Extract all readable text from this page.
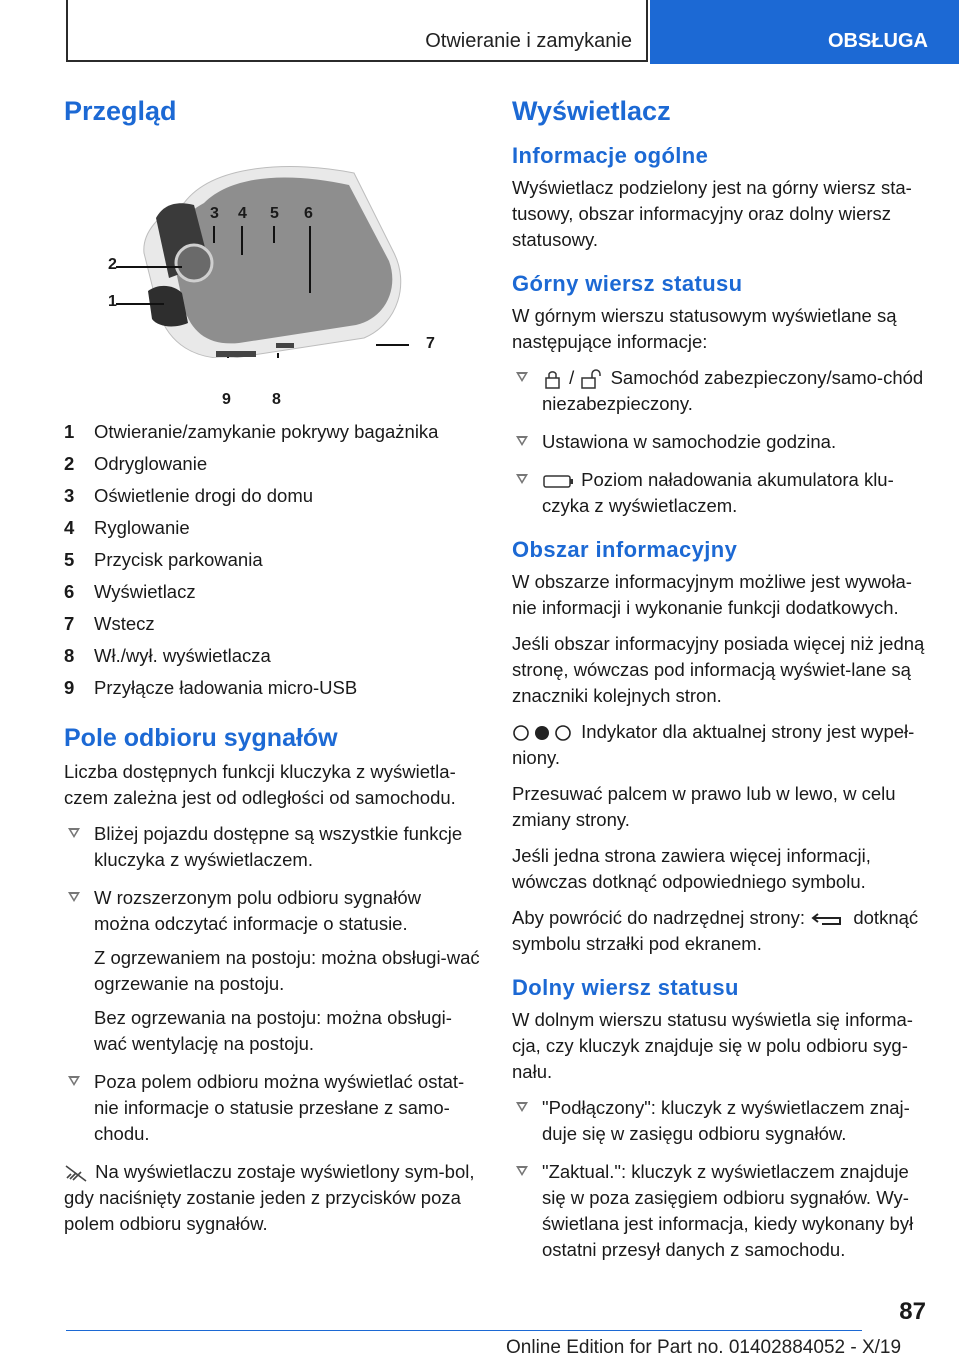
Otwieranie i zamykanie	OBSŁUGA
Przegląd
1
2
3 4 5 6
7
8
9
1	Otwieranie/zamykanie pokrywy bagażnika
2	Odryglowanie
3	Oświetlenie drogi do domu
4	Ryglowanie
5	Przycisk parkowania
6	Wyświetlacz
7	Wstecz
8	Wł./wył. wyświetlacza
9	Przyłącze ładowania micro-USB
Pole odbioru sygnałów

Liczba dostępnych funkcji kluczyka z wyświetla‐czem zależna jest od odległości od samochodu.

Bliżej pojazdu dostępne są wszystkie funkcje kluczyka z wyświetlaczem.
W rozszerzonym polu odbioru sygnałów można odczytać informacje o statusie.
Z ogrzewaniem na postoju: można obsługi‐wać ogrzewanie na postoju.
Bez ogrzewania na postoju: można obsługi‐wać wentylację na postoju.
Poza polem odbioru można wyświetlać ostat‐nie informacje o statusie przesłane z samo‐chodu.

Na wyświetlaczu zostaje wyświetlony sym‐bol, gdy naciśnięty zostanie jeden z przycisków poza polem odbioru sygnałów.

Wyświetlacz
Informacje ogólne

Wyświetlacz podzielony jest na górny wiersz sta‐tusowy, obszar informacyjny oraz dolny wiersz statusowy.

Górny wiersz statusu

W górnym wierszu statusowym wyświetlane są następujące informacje:

/ Samochód zabezpieczony/samo‐chód niezabezpieczony.
Ustawiona w samochodzie godzina.
Poziom naładowania akumulatora klu‐czyka z wyświetlaczem.
Obszar informacyjny

W obszarze informacyjnym możliwe jest wywoła‐nie informacji i wykonanie funkcji dodatkowych.

Jeśli obszar informacyjny posiada więcej niż jedną stronę, wówczas pod informacją wyświet‐lane są znaczniki kolejnych stron.

Indykator dla aktualnej strony jest wypeł‐niony.

Przesuwać palcem w prawo lub w lewo, w celu zmiany strony.

Jeśli jedna strona zawiera więcej informacji, wówczas dotknąć odpowiedniego symbolu.

Aby powrócić do nadrzędnej strony:	dotknąć symbolu strzałki pod ekranem.

Dolny wiersz statusu

W dolnym wierszu statusu wyświetla się informa‐cja, czy kluczyk znajduje się w polu odbioru syg‐nału.

"Podłączony": kluczyk z wyświetlaczem znaj‐duje się w zasięgu odbioru sygnałów.
"Zaktual.": kluczyk z wyświetlaczem znajduje się w poza zasięgiem odbioru sygnałów. Wy‐świetlana jest informacja, kiedy wykonany był ostatni przesył danych z samochodu.
87
Online Edition for Part no. 01402884052 - X/19
